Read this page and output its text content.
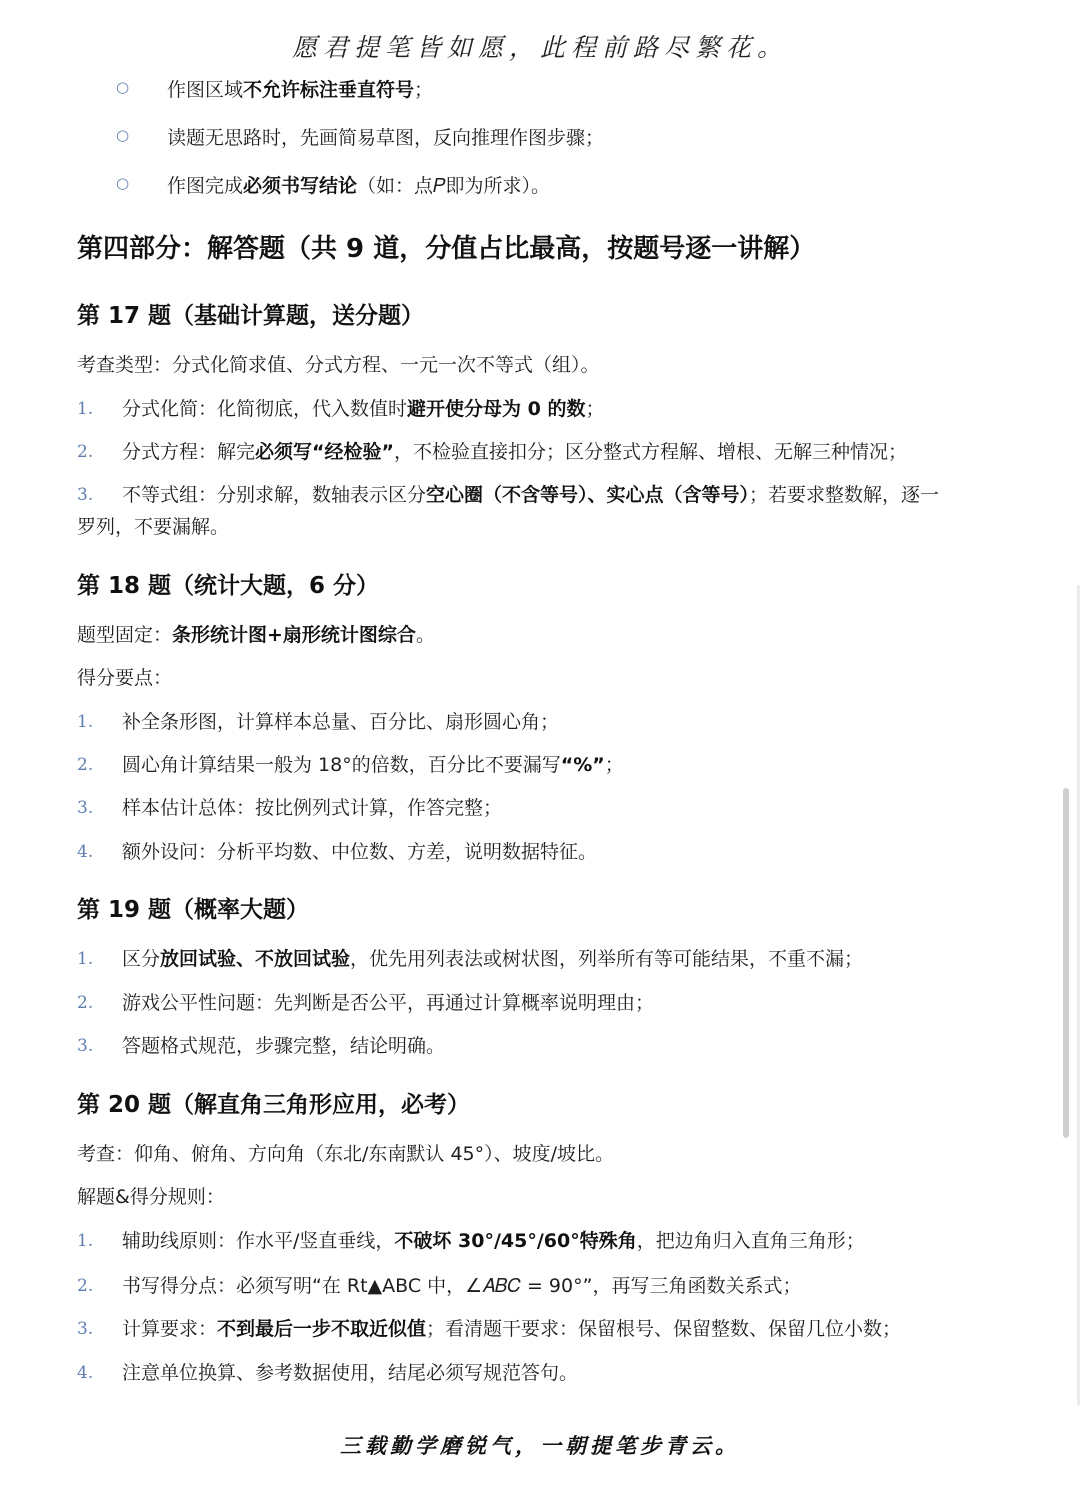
愿君提笔皆如愿，此程前路尽繁花。
○ 作图区域不允许标注垂直符号；
○ 读题无思路时，先画简易草图，反向推理作图步骤；
○ 作图完成必须书写结论（如：点𝑃即为所求）。
第四部分：解答题（共 9 道，分值占比最高，按题号逐一讲解）
第 17 题（基础计算题，送分题）
考查类型：分式化简求值、分式方程、一元一次不等式（组）。
1. 分式化简：化简彻底，代入数值时避开使分母为 0 的数；
2. 分式方程：解完必须写“经检验”，不检验直接扣分；区分整式方程解、增根、无解三种情况；
3. 不等式组：分别求解，数轴表示区分空心圈（不含等号）、实心点（含等号）；若要求整数解，逐一
罗列，不要漏解。
第 18 题（统计大题，6 分）
题型固定：条形统计图+扇形统计图综合。
得分要点：
1. 补全条形图，计算样本总量、百分比、扇形圆心角；
2. 圆心角计算结果一般为 18°的倍数，百分比不要漏写“%”；
3. 样本估计总体：按比例列式计算，作答完整；
4. 额外设问：分析平均数、中位数、方差，说明数据特征。
第 19 题（概率大题）
1. 区分放回试验、不放回试验，优先用列表法或树状图，列举所有等可能结果，不重不漏；
2. 游戏公平性问题：先判断是否公平，再通过计算概率说明理由；
3. 答题格式规范，步骤完整，结论明确。
第 20 题（解直角三角形应用，必考）
考查：仰角、俯角、方向角（东北/东南默认 45°）、坡度/坡比。
解题&得分规则：
1. 辅助线原则：作水平/竖直垂线，不破坏 30°/45°/60°特殊角，把边角归入直角三角形；
2. 书写得分点：必须写明“在 Rt▲ABC 中，∠𝐴𝐵𝐶 = 90°”，再写三角函数关系式；
3. 计算要求：不到最后一步不取近似值；看清题干要求：保留根号、保留整数、保留几位小数；
4. 注意单位换算、参考数据使用，结尾必须写规范答句。
三载勤学磨锐气，一朝提笔步青云。
